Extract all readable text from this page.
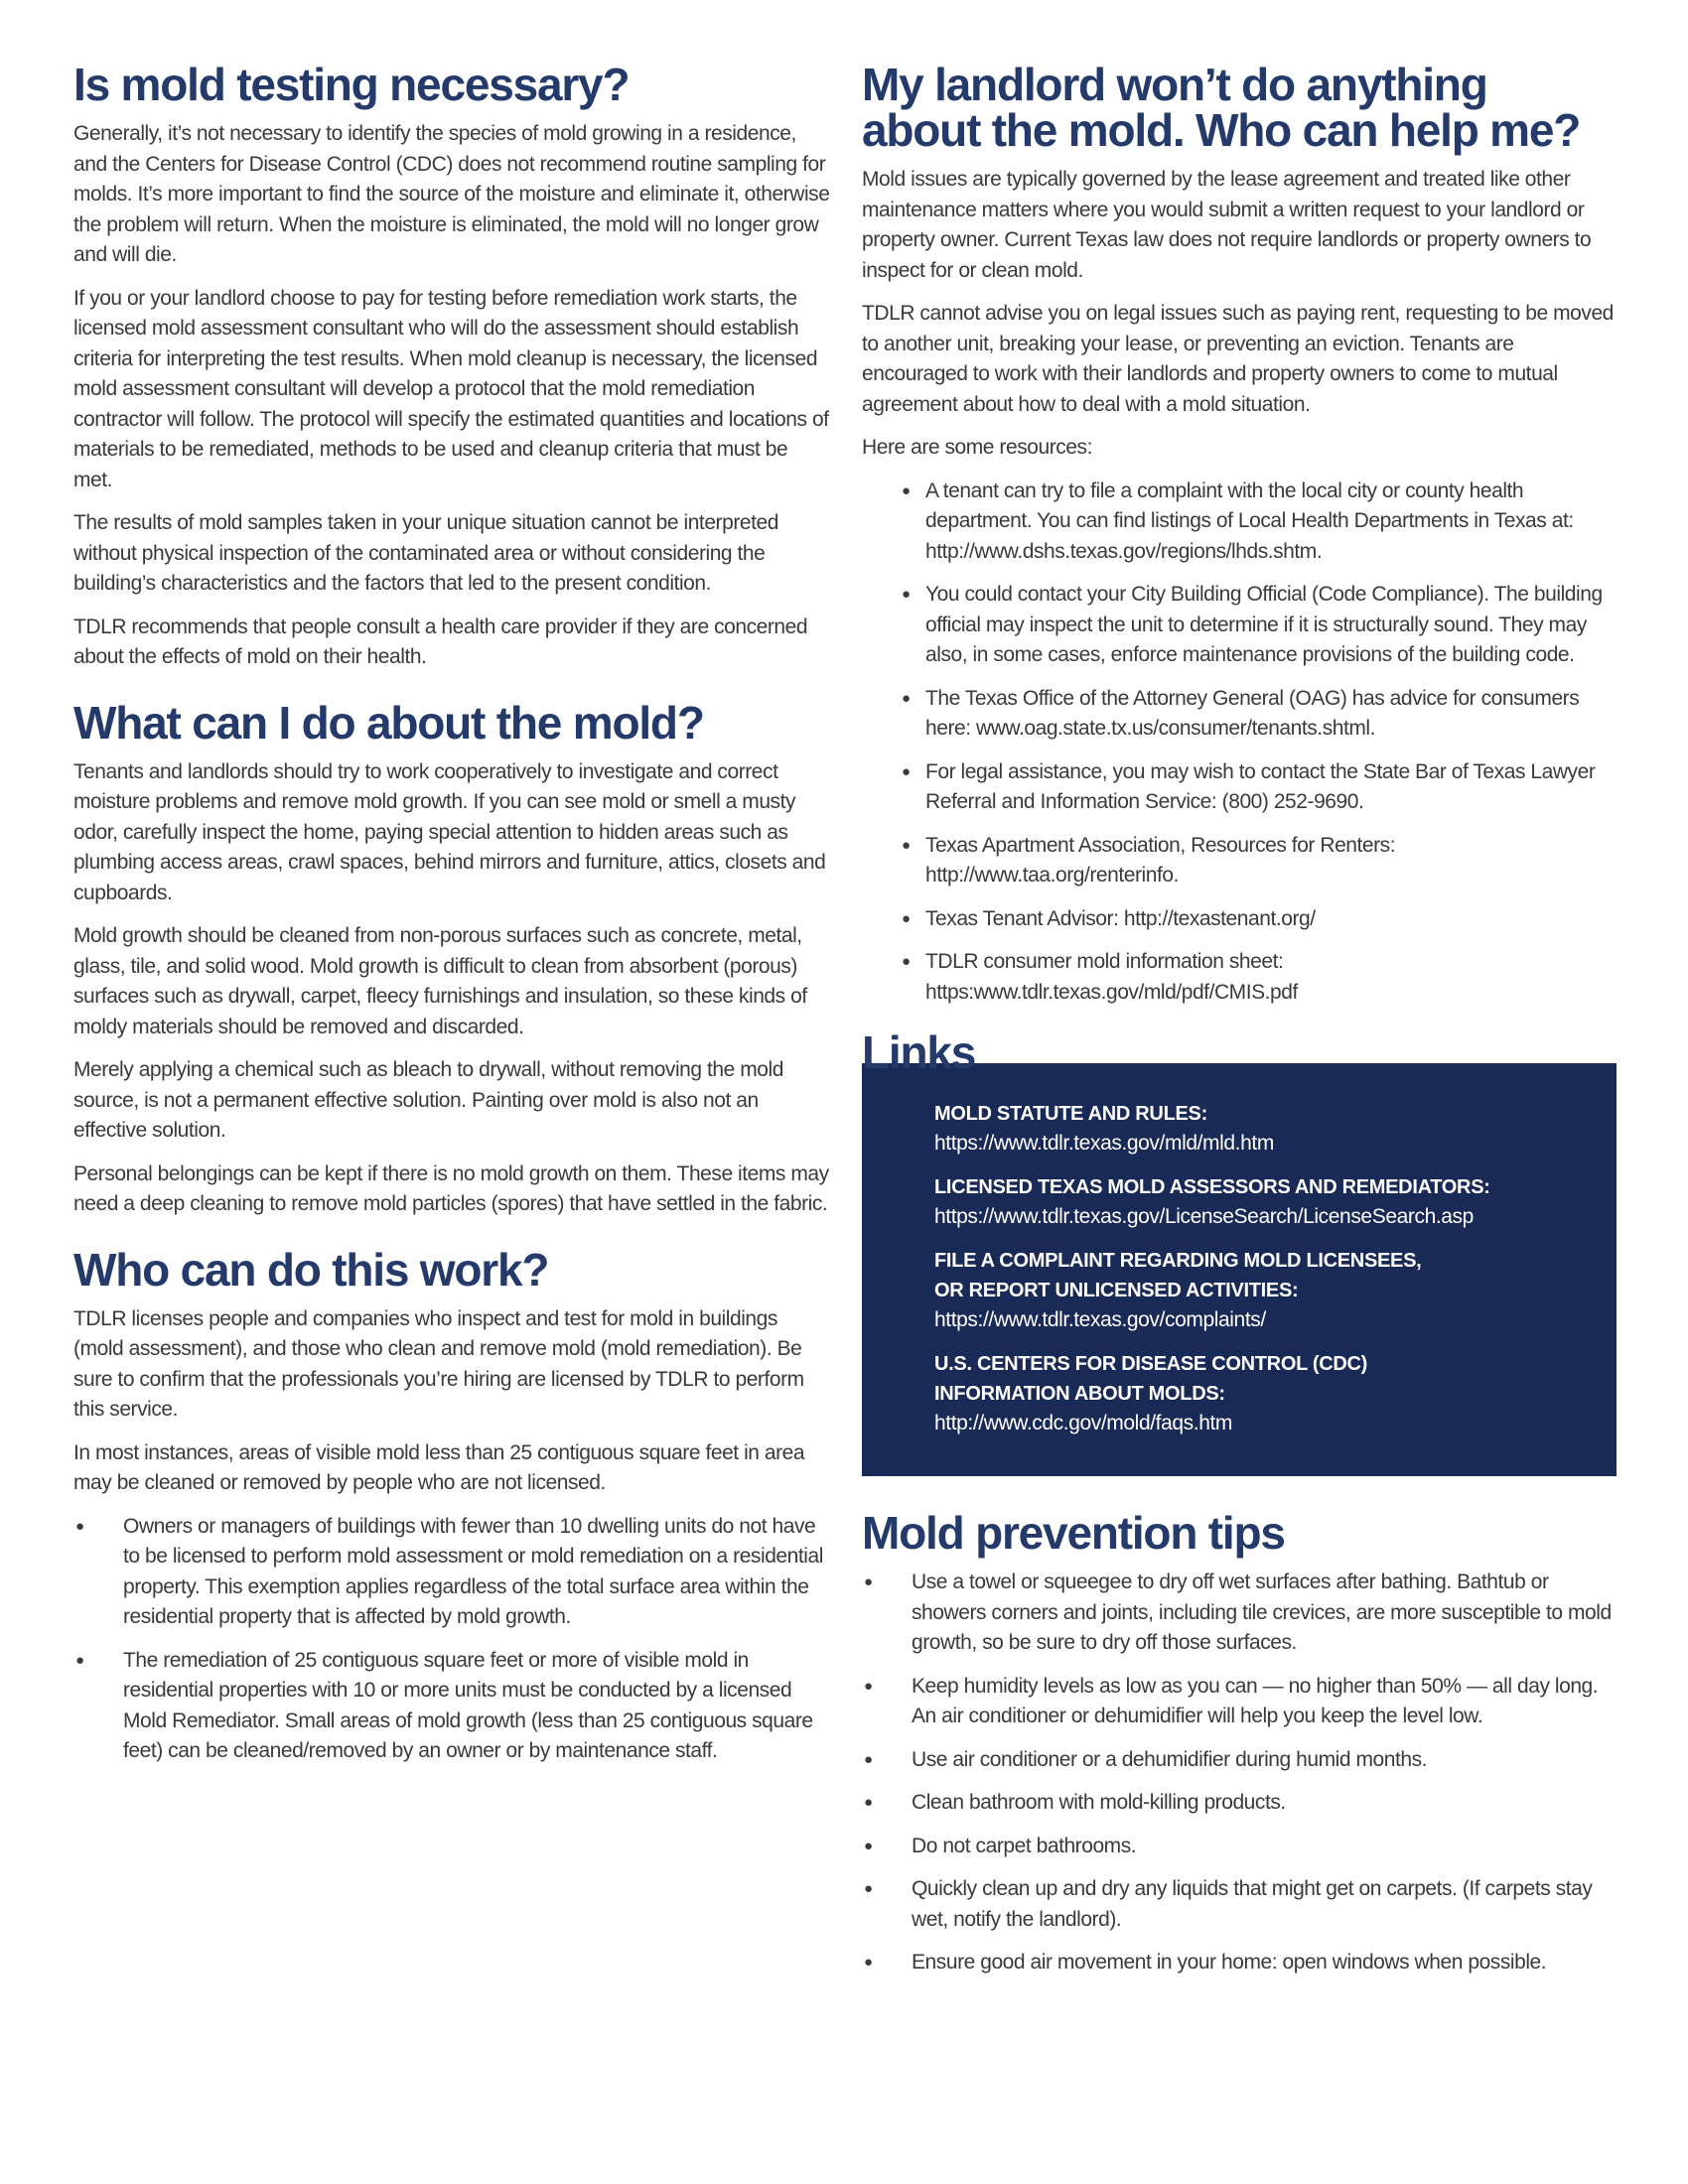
Is mold testing necessary?

Generally, it’s not necessary to identify the species of mold growing in a residence, and the Centers for Disease Control (CDC) does not recommend routine sampling for molds. It’s more important to find the source of the moisture and eliminate it, otherwise the problem will return. When the moisture is eliminated, the mold will no longer grow and will die.

If you or your landlord choose to pay for testing before remediation work starts, the licensed mold assessment consultant who will do the assessment should establish criteria for interpreting the test results. When mold cleanup is necessary, the licensed mold assessment consultant will develop a protocol that the mold remediation contractor will follow. The protocol will specify the estimated quantities and locations of materials to be remediated, methods to be used and cleanup criteria that must be met.

The results of mold samples taken in your unique situation cannot be interpreted without physical inspection of the contaminated area or without considering the building’s characteristics and the factors that led to the present condition.

TDLR recommends that people consult a health care provider if they are concerned about the effects of mold on their health.

What can I do about the mold?

Tenants and landlords should try to work cooperatively to investigate and correct moisture problems and remove mold growth. If you can see mold or smell a musty odor, carefully inspect the home, paying special attention to hidden areas such as plumbing access areas, crawl spaces, behind mirrors and furniture, attics, closets and cupboards.

Mold growth should be cleaned from non-porous surfaces such as concrete, metal, glass, tile, and solid wood. Mold growth is difficult to clean from absorbent (porous) surfaces such as drywall, carpet, fleecy furnishings and insulation, so these kinds of moldy materials should be removed and discarded.

Merely applying a chemical such as bleach to drywall, without removing the mold source, is not a permanent effective solution. Painting over mold is also not an effective solution.

Personal belongings can be kept if there is no mold growth on them. These items may need a deep cleaning to remove mold particles (spores) that have settled in the fabric.

Who can do this work?

TDLR licenses people and companies who inspect and test for mold in buildings (mold assessment), and those who clean and remove mold (mold remediation). Be sure to confirm that the professionals you’re hiring are licensed by TDLR to perform this service.

In most instances, areas of visible mold less than 25 contiguous square feet in area may be cleaned or removed by people who are not licensed.

● Owners or managers of buildings with fewer than 10 dwelling units do not have to be licensed to perform mold assessment or mold remediation on a residential property. This exemption applies regardless of the total surface area within the residential property that is affected by mold growth.
● The remediation of 25 contiguous square feet or more of visible mold in residential properties with 10 or more units must be conducted by a licensed Mold Remediator. Small areas of mold growth (less than 25 contiguous square feet) can be cleaned/removed by an owner or by maintenance staff.
My landlord won’t do anything about the mold. Who can help me?

Mold issues are typically governed by the lease agreement and treated like other maintenance matters where you would submit a written request to your landlord or property owner. Current Texas law does not require landlords or property owners to inspect for or clean mold.

TDLR cannot advise you on legal issues such as paying rent, requesting to be moved to another unit, breaking your lease, or preventing an eviction. Tenants are encouraged to work with their landlords and property owners to come to mutual agreement about how to deal with a mold situation.

Here are some resources:

● A tenant can try to file a complaint with the local city or county health department. You can find listings of Local Health Departments in Texas at: http://www.dshs.texas.gov/regions/lhds.shtm.
● You could contact your City Building Official (Code Compliance). The building official may inspect the unit to determine if it is structurally sound. They may also, in some cases, enforce maintenance provisions of the building code.
● The Texas Office of the Attorney General (OAG) has advice for consumers here: www.oag.state.tx.us/consumer/tenants.shtml.
● For legal assistance, you may wish to contact the State Bar of Texas Lawyer Referral and Information Service: (800) 252-9690.
● Texas Apartment Association, Resources for Renters: http://www.taa.org/renterinfo.
● Texas Tenant Advisor: http://texastenant.org/
● TDLR consumer mold information sheet: https:www.tdlr.texas.gov/mld/pdf/CMIS.pdf
MOLD STATUTE AND RULES:
https://www.tdlr.texas.gov/mld/mld.htm
LICENSED TEXAS MOLD ASSESSORS AND REMEDIATORS:
https://www.tdlr.texas.gov/LicenseSearch/LicenseSearch.asp
FILE A COMPLAINT REGARDING MOLD LICENSEES,
OR REPORT UNLICENSED ACTIVITIES:
https://www.tdlr.texas.gov/complaints/
U.S. CENTERS FOR DISEASE CONTROL (CDC)
INFORMATION ABOUT MOLDS:
http://www.cdc.gov/mold/faqs.htm
Links
Mold prevention tips
● Use a towel or squeegee to dry off wet surfaces after bathing. Bathtub or showers corners and joints, including tile crevices, are more susceptible to mold growth, so be sure to dry off those surfaces.
● Keep humidity levels as low as you can — no higher than 50% — all day long. An air conditioner or dehumidifier will help you keep the level low.
● Use air conditioner or a dehumidifier during humid months.
● Clean bathroom with mold-killing products.
● Do not carpet bathrooms.
● Quickly clean up and dry any liquids that might get on carpets. (If carpets stay wet, notify the landlord).
● Ensure good air movement in your home: open windows when possible.
